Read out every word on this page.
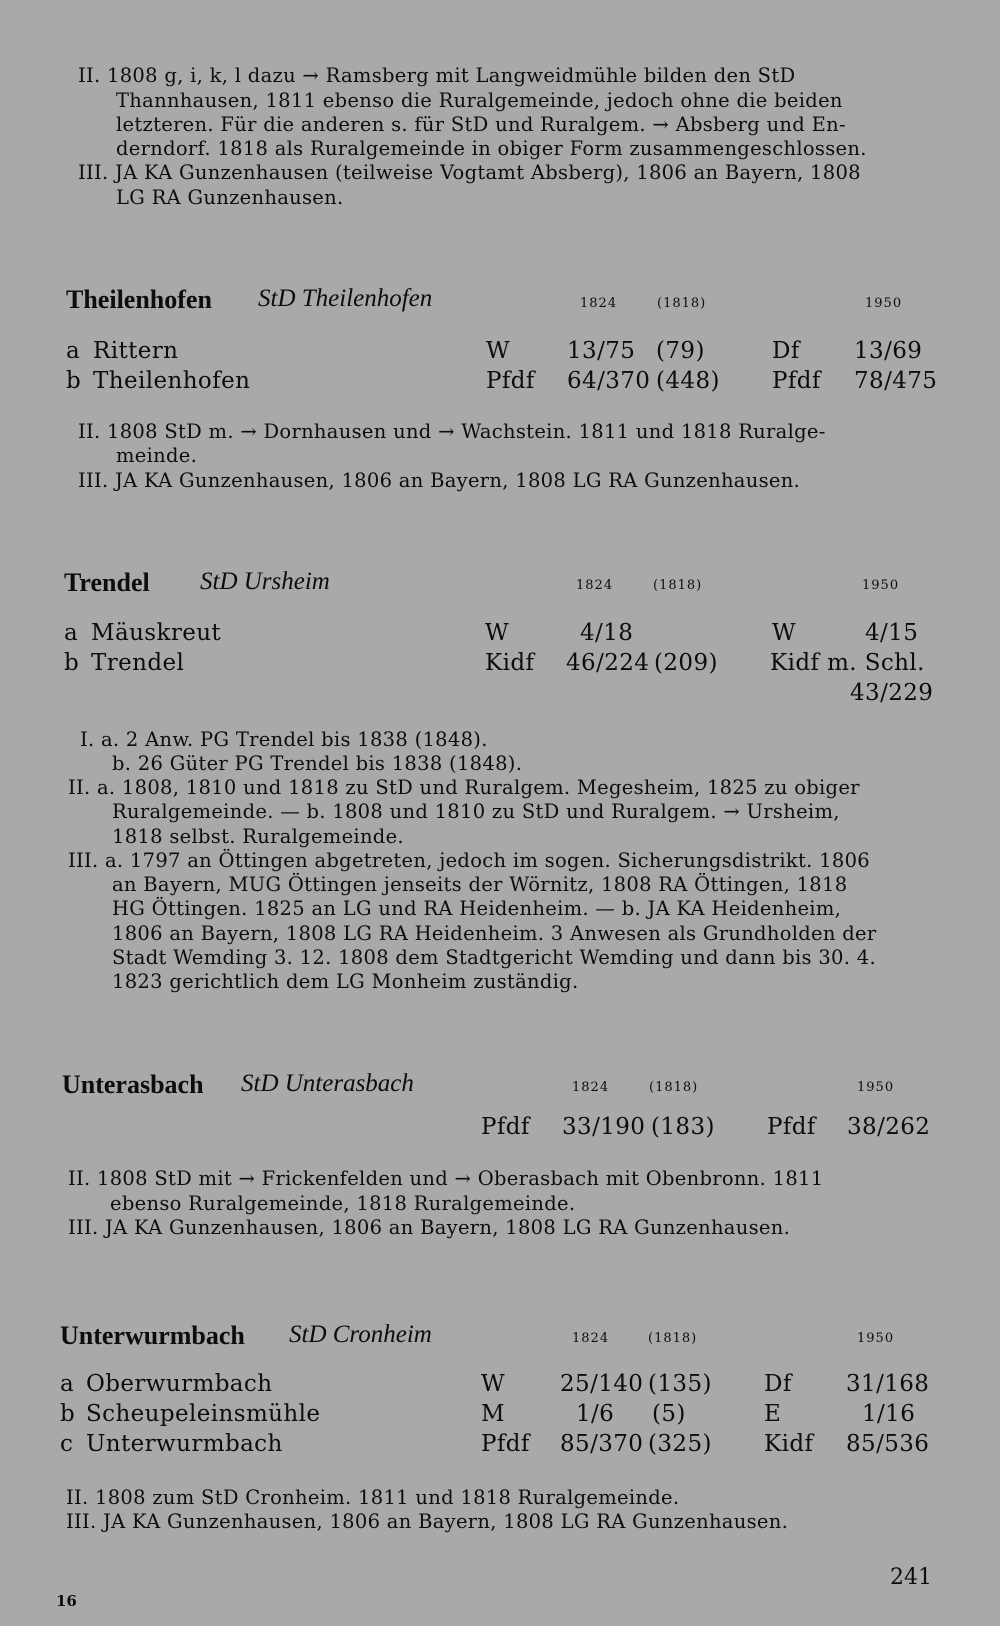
II. 1808 g, i, k, l dazu → Ramsberg mit Langweidmühle bilden den StD
Thannhausen, 1811 ebenso die Ruralgemeinde, jedoch ohne die beiden
letzteren. Für die anderen s. für StD und Ruralgem. → Absberg und En-
derndorf. 1818 als Ruralgemeinde in obiger Form zusammengeschlossen.
III. JA KA Gunzenhausen (teilweise Vogtamt Absberg), 1806 an Bayern, 1808
LG RA Gunzenhausen.
Theilenhofen StD Theilenhofen	1824	(1818)	1950
a Rittern	W 13/75 (79)	Df 13/69
b Theilenhofen	Pfdf 64/370 (448) Pfdf 78/475
II. 1808 StD m. → Dornhausen und → Wachstein. 1811 und 1818 Ruralge-
meinde.
III. JA KA Gunzenhausen, 1806 an Bayern, 1808 LG RA Gunzenhausen.
Trendel StD Ursheim	1824	(1818)	1950
a Mäuskreut	W	4/18	W	4/15
b Trendel	Kidf 46/224 (209) Kidf m. Schl.
43/229
I. a. 2 Anw. PG Trendel bis 1838 (1848).
b. 26 Güter PG Trendel bis 1838 (1848).
II. a. 1808, 1810 und 1818 zu StD und Ruralgem. Megesheim, 1825 zu obiger
Ruralgemeinde. — b. 1808 und 1810 zu StD und Ruralgem. → Ursheim,
1818 selbst. Ruralgemeinde.
III. a. 1797 an Öttingen abgetreten, jedoch im sogen. Sicherungsdistrikt. 1806
an Bayern, MUG Öttingen jenseits der Wörnitz, 1808 RA Öttingen, 1818
HG Öttingen. 1825 an LG und RA Heidenheim. — b. JA KA Heidenheim,
1806 an Bayern, 1808 LG RA Heidenheim. 3 Anwesen als Grundholden der
Stadt Wemding 3. 12. 1808 dem Stadtgericht Wemding und dann bis 30. 4.
1823 gerichtlich dem LG Monheim zuständig.
Unterasbach StD Unterasbach	1824	(1818)	1950
Pfdf 33/190 (183) Pfdf 38/262
II. 1808 StD mit → Frickenfelden und → Oberasbach mit Obenbronn. 1811
ebenso Ruralgemeinde, 1818 Ruralgemeinde.
III. JA KA Gunzenhausen, 1806 an Bayern, 1808 LG RA Gunzenhausen.
Unterwurmbach StD Cronheim	1824	(1818)	1950
a Oberwurmbach	W 25/140 (135) Df 31/168
b Scheupeleinsmühle	M	1/6 (5)	E	1/16
c Unterwurmbach	Pfdf 85/370 (325) Kidf 85/536
II. 1808 zum StD Cronheim. 1811 und 1818 Ruralgemeinde.
III. JA KA Gunzenhausen, 1806 an Bayern, 1808 LG RA Gunzenhausen.
241
16
